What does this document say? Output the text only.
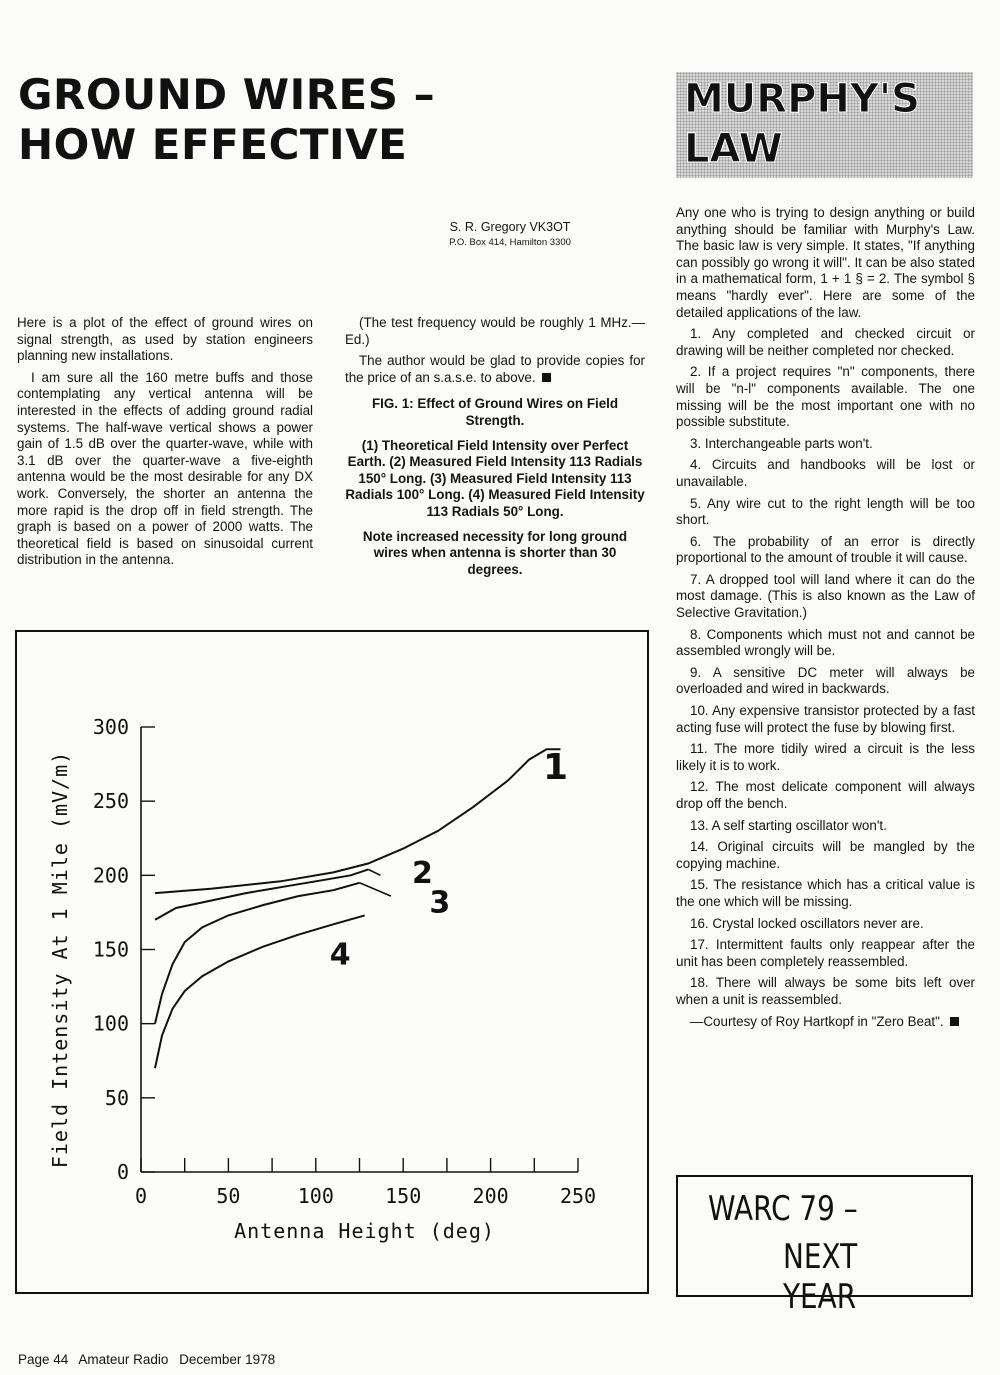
GROUND WIRES –
HOW EFFECTIVE
S. R. Gregory VK3OT
P.O. Box 414, Hamilton 3300

Here is a plot of the effect of ground wires on signal strength, as used by station engineers planning new installations.

I am sure all the 160 metre buffs and those contemplating any vertical antenna will be interested in the effects of adding ground radial systems. The half-wave vertical shows a power gain of 1.5 dB over the quarter-wave, while with 3.1 dB over the quarter-wave a five-eighth antenna would be the most desirable for any DX work. Conversely, the shorter an antenna the more rapid is the drop off in field strength. The graph is based on a power of 2000 watts. The theoretical field is based on sinusoidal current distribution in the antenna.

(The test frequency would be roughly 1 MHz.—Ed.)

The author would be glad to provide copies for the price of an s.a.s.e. to above.

FIG. 1: Effect of Ground Wires on Field Strength.

(1) Theoretical Field Intensity over Perfect Earth. (2) Measured Field Intensity 113 Radials 150° Long. (3) Measured Field Intensity 113 Radials 100° Long. (4) Measured Field Intensity 113 Radials 50° Long.

Note increased necessity for long ground wires when antenna is shorter than 30 degrees.

MURPHY'S
LAW

Any one who is trying to design anything or build anything should be familiar with Murphy's Law. The basic law is very simple. It states, "If anything can possibly go wrong it will". It can be also stated in a mathematical form, 1 + 1 § = 2. The symbol § means "hardly ever". Here are some of the detailed applications of the law.

1. Any completed and checked circuit or drawing will be neither completed nor checked.

2. If a project requires "n" components, there will be "n-l" components available. The one missing will be the most important one with no possible substitute.

3. Interchangeable parts won't.

4. Circuits and handbooks will be lost or unavailable.

5. Any wire cut to the right length will be too short.

6. The probability of an error is directly proportional to the amount of trouble it will cause.

7. A dropped tool will land where it can do the most damage. (This is also known as the Law of Selective Gravitation.)

8. Components which must not and cannot be assembled wrongly will be.

9. A sensitive DC meter will always be overloaded and wired in backwards.

10. Any expensive transistor protected by a fast acting fuse will protect the fuse by blowing first.

11. The more tidily wired a circuit is the less likely it is to work.

12. The most delicate component will always drop off the bench.

13. A self starting oscillator won't.

14. Original circuits will be mangled by the copying machine.

15. The resistance which has a critical value is the one which will be missing.

16. Crystal locked oscillators never are.

17. Intermittent faults only reappear after the unit has been completely reassembled.

18. There will always be some bits left over when a unit is reassembled.

—Courtesy of Roy Hartkopf in "Zero Beat".

WARC 79 –
NEXT YEAR
0
50
100
150
200
250
300
0	50	100	150	200	250
Antenna Height (deg)
Field Intensity At 1 Mile (mV/m)	1
2
3
4
Page 44 Amateur Radio December 1978
